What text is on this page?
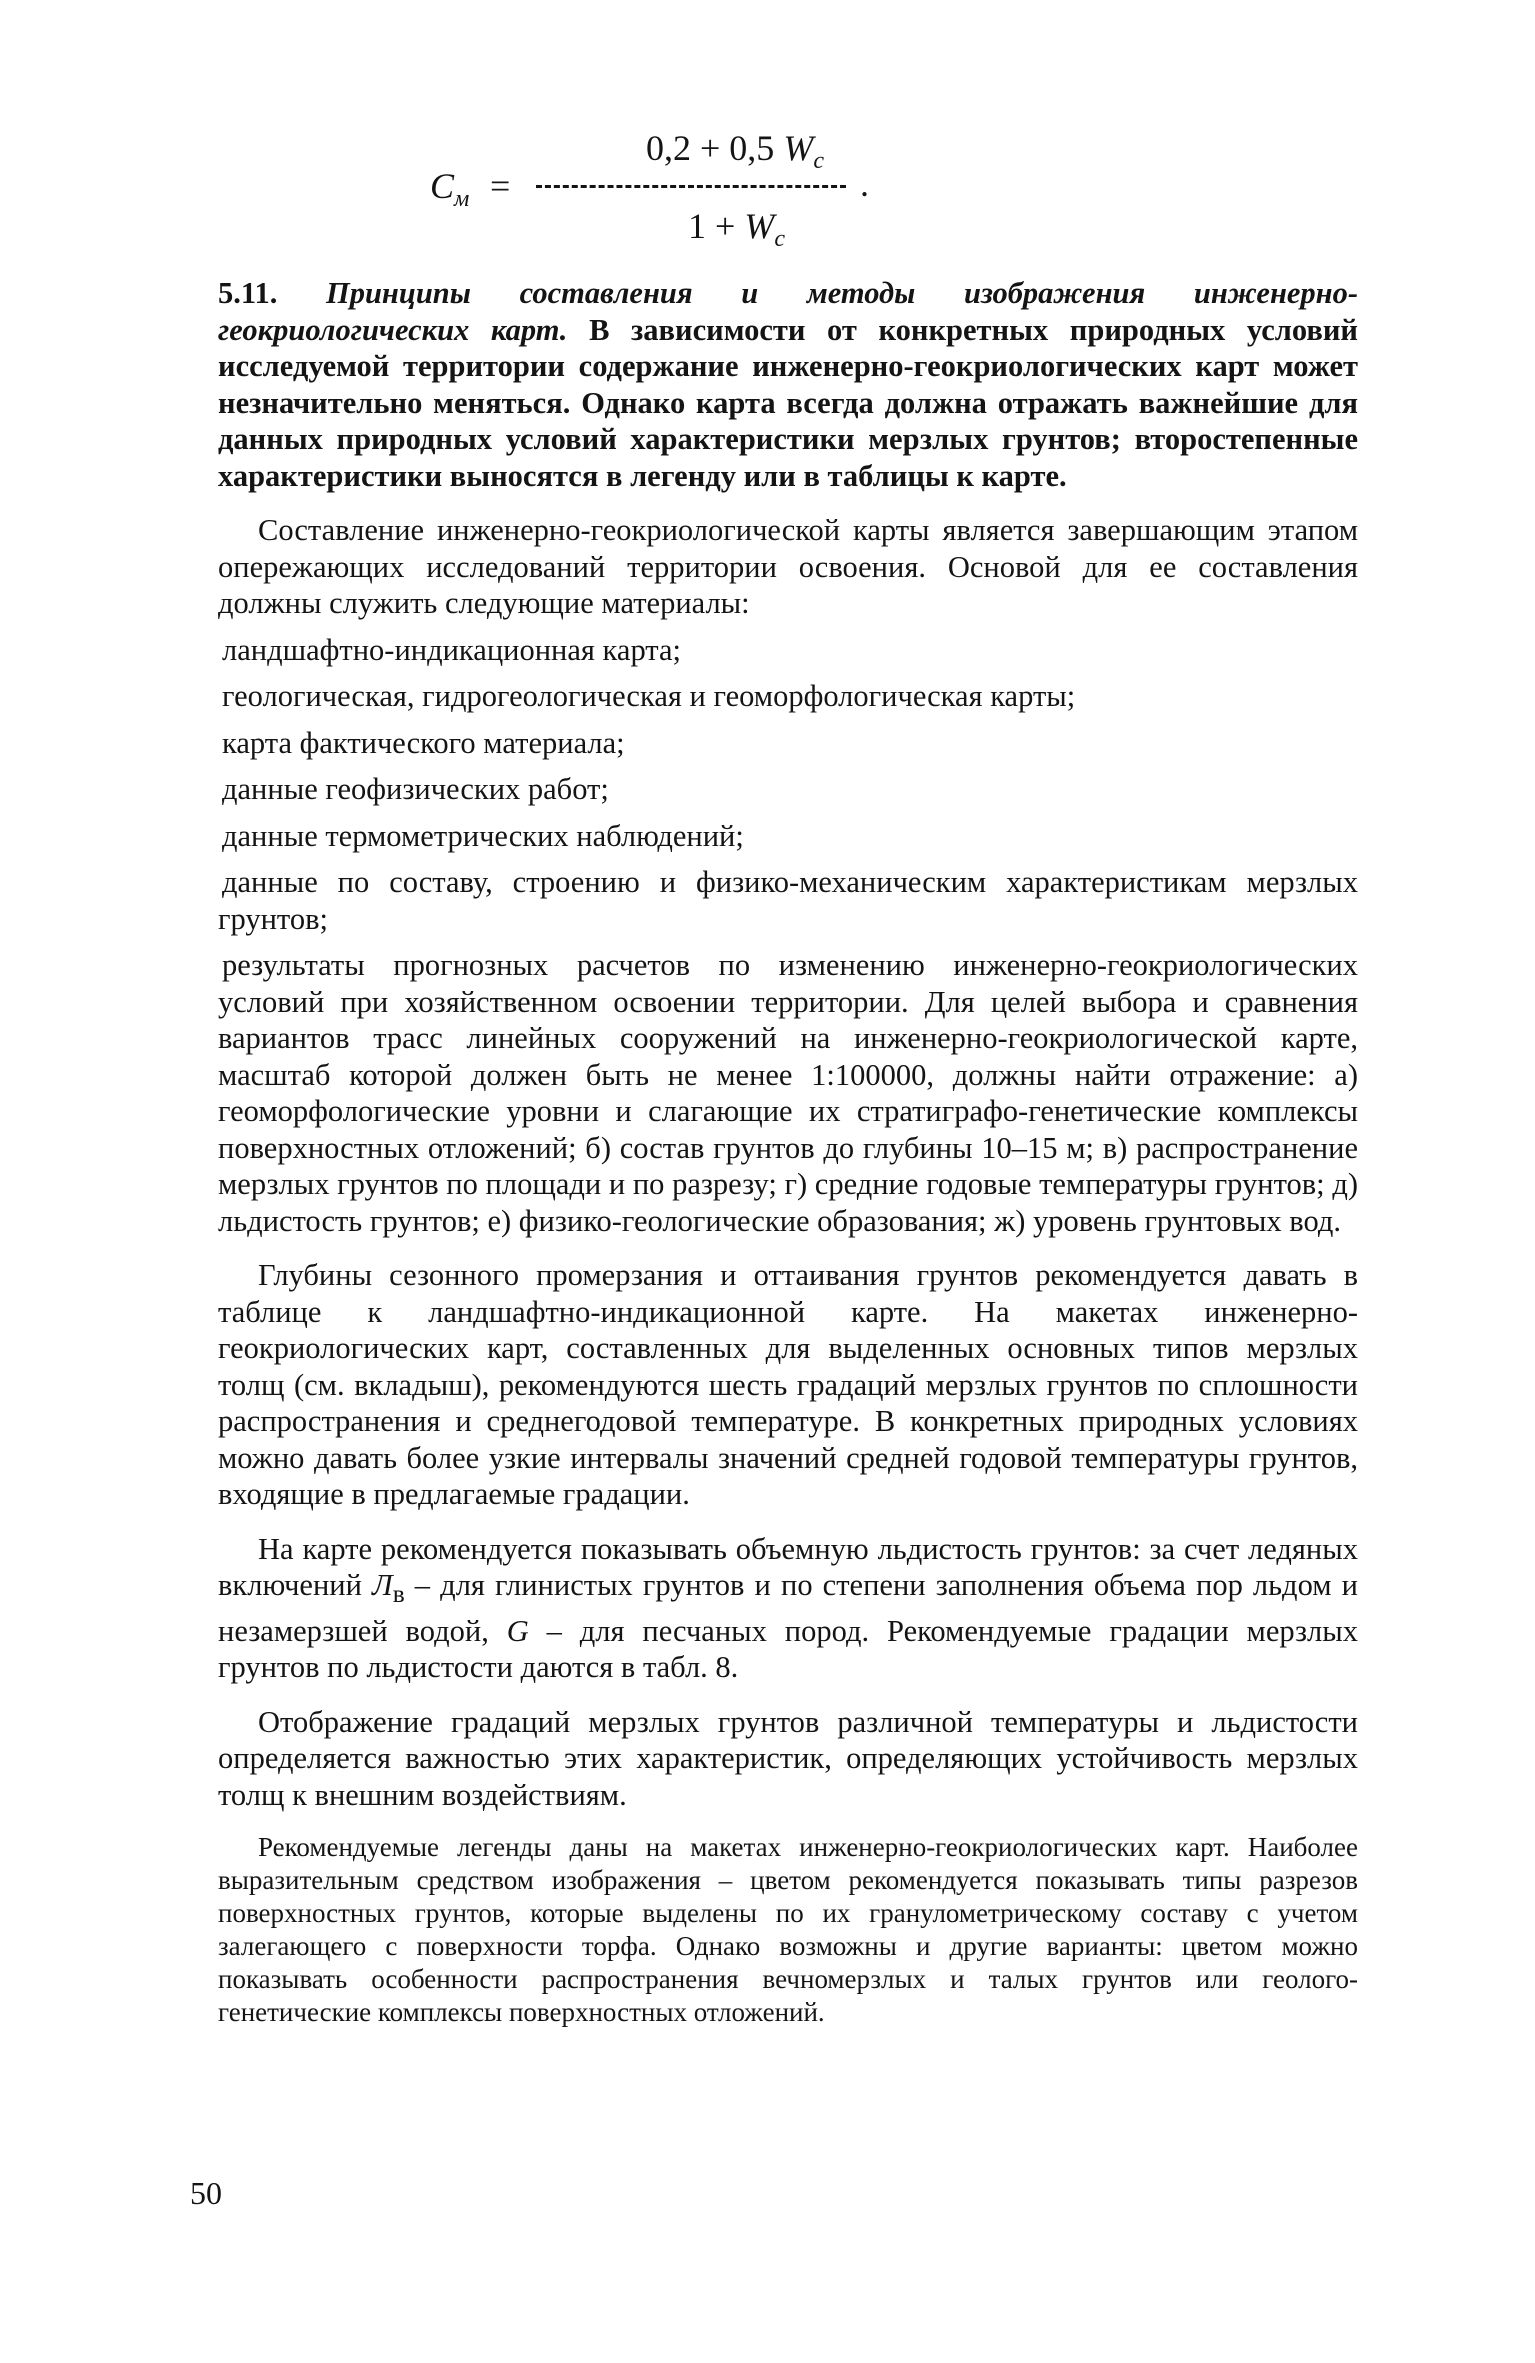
$C_м$ =
0,2 + 0,5 $W_c$
.
$1 + W_c$

5.11. Принципы составления и методы изображения инженерно-геокриологических карт. В зависимости от конкретных природных условий исследуемой территории содержание инженерно-геокриологических карт может незначительно меняться. Однако карта всегда должна отражать важнейшие для данных природных условий характеристики мерзлых грунтов; второстепенные характеристики выносятся в легенду или в таблицы к карте.

Составление инженерно-геокриологической карты является завершающим этапом опережающих исследований территории освоения. Основой для ее составления должны служить следующие материалы:

ландшафтно-индикационная карта;
геологическая, гидрогеологическая и геоморфологическая карты;
карта фактического материала;
данные геофизических работ;
данные термометрических наблюдений;
данные по составу, строению и физико-механическим характеристикам мерзлых грунтов;
результаты прогнозных расчетов по изменению инженерно-геокриологических условий при хозяйственном освоении территории. Для целей выбора и сравнения вариантов трасс линейных сооружений на инженерно-геокриологической карте, масштаб которой должен быть не менее 1:100000, должны найти отражение: а) геоморфологические уровни и слагающие их стратиграфо-генетические комплексы поверхностных отложений; б) состав грунтов до глубины 10–15 м; в) распространение мерзлых грунтов по площади и по разрезу; г) средние годовые температуры грунтов; д) льдистость грунтов; е) физико-геологические образования; ж) уровень грунтовых вод.

Глубины сезонного промерзания и оттаивания грунтов рекомендуется давать в таблице к ландшафтно-индикационной карте. На макетах инженерно-геокриологических карт, составленных для выделенных основных типов мерзлых толщ (см. вкладыш), рекомендуются шесть градаций мерзлых грунтов по сплошности распространения и среднегодовой температуре. В конкретных природных условиях можно давать более узкие интервалы значений средней годовой температуры грунтов, входящие в предлагаемые градации.

На карте рекомендуется показывать объемную льдистость грунтов: за счет ледяных включений $Л_в$ – для глинистых грунтов и по степени заполнения объема пор льдом и незамерзшей водой, G – для песчаных пород. Рекомендуемые градации мерзлых грунтов по льдистости даются в табл. 8.

Отображение градаций мерзлых грунтов различной температуры и льдистости определяется важностью этих характеристик, определяющих устойчивость мерзлых толщ к внешним воздействиям.

Рекомендуемые легенды даны на макетах инженерно-геокриологических карт. Наиболее выразительным средством изображения – цветом рекомендуется показывать типы разрезов поверхностных грунтов, которые выделены по их гранулометрическому составу с учетом залегающего с поверхности торфа. Однако возможны и другие варианты: цветом можно показывать особенности распространения вечномерзлых и талых грунтов или геолого-генетические комплексы поверхностных отложений.

50
